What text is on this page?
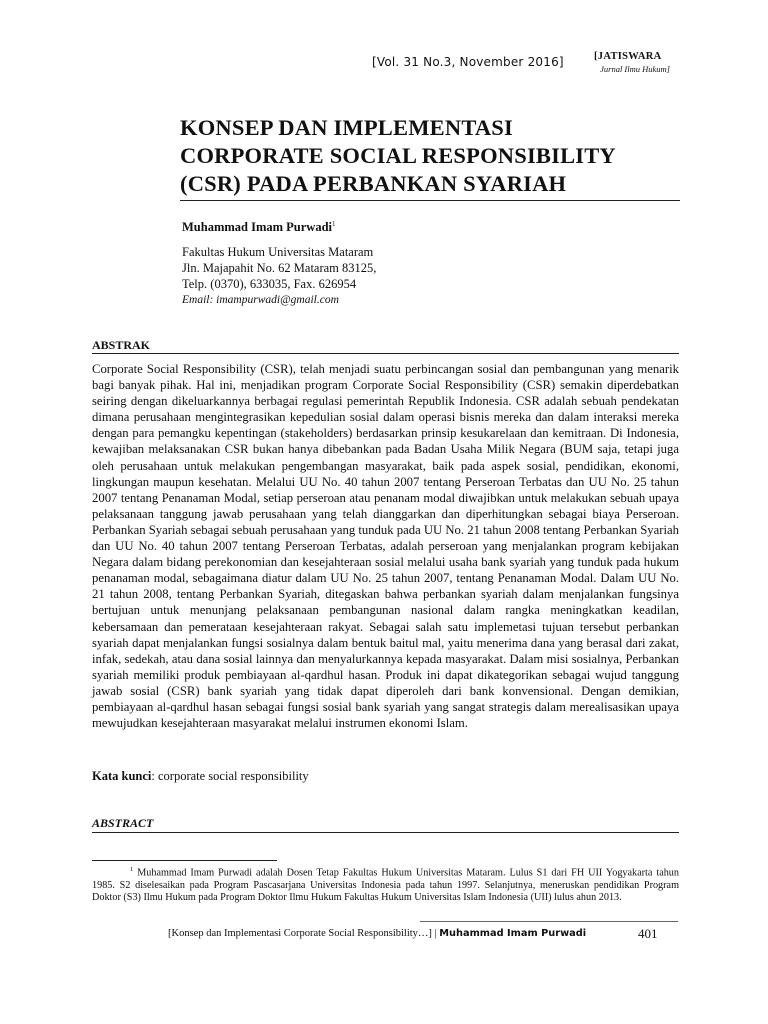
[Vol. 31 No.3, November 2016]	[JATISWARA
Jurnal Ilmu Hukum]
KONSEP DAN IMPLEMENTASI
CORPORATE SOCIAL RESPONSIBILITY
(CSR) PADA PERBANKAN SYARIAH
Muhammad Imam Purwadi$^1$
Fakultas Hukum Universitas Mataram
Jln. Majapahit No. 62 Mataram 83125,
Telp. (0370), 633035, Fax. 626954
Email: imampurwadi@gmail.com
ABSTRAK

Corporate Social Responsibility (CSR), telah menjadi suatu perbincangan sosial dan pembangunan yang menarik bagi banyak pihak. Hal ini, menjadikan program Corporate Social Responsibility (CSR) semakin diperdebatkan seiring dengan dikeluarkannya berbagai regulasi pemerintah Republik Indonesia. CSR adalah sebuah pendekatan dimana perusahaan mengintegrasikan kepedulian sosial dalam operasi bisnis mereka dan dalam interaksi mereka dengan para pemangku kepentingan (stakeholders) berdasarkan prinsip kesukarelaan dan kemitraan. Di Indonesia, kewajiban melaksanakan CSR bukan hanya dibebankan pada Badan Usaha Milik Negara (BUM saja, tetapi juga oleh perusahaan untuk melakukan pengembangan masyarakat, baik pada aspek sosial, pendidikan, ekonomi, lingkungan maupun kesehatan. Melalui UU No. 40 tahun 2007 tentang Perseroan Terbatas dan UU No. 25 tahun 2007 tentang Penanaman Modal, setiap perseroan atau penanam modal diwajibkan untuk melakukan sebuah upaya pelaksanaan tanggung jawab perusahaan yang telah dianggarkan dan diperhitungkan sebagai biaya Perseroan. Perbankan Syariah sebagai sebuah perusahaan yang tunduk pada UU No. 21 tahun 2008 tentang Perbankan Syariah dan UU No. 40 tahun 2007 tentang Perseroan Terbatas, adalah perseroan yang menjalankan program kebijakan Negara dalam bidang perekonomian dan kesejahteraan sosial melalui usaha bank syariah yang tunduk pada hukum penanaman modal, sebagaimana diatur dalam UU No. 25 tahun 2007, tentang Penanaman Modal. Dalam UU No. 21 tahun 2008, tentang Perbankan Syariah, ditegaskan bahwa perbankan syariah dalam menjalankan fungsinya bertujuan untuk menunjang pelaksanaan pembangunan nasional dalam rangka meningkatkan keadilan, kebersamaan dan pemerataan kesejahteraan rakyat. Sebagai salah satu implemetasi tujuan tersebut perbankan syariah dapat menjalankan fungsi sosialnya dalam bentuk baitul mal, yaitu menerima dana yang berasal dari zakat, infak, sedekah, atau dana sosial lainnya dan menyalurkannya kepada masyarakat. Dalam misi sosialnya, Perbankan syariah memiliki produk pembiayaan al-qardhul hasan. Produk ini dapat dikategorikan sebagai wujud tanggung jawab sosial (CSR) bank syariah yang tidak dapat diperoleh dari bank konvensional. Dengan demikian, pembiayaan al-qardhul hasan sebagai fungsi sosial bank syariah yang sangat strategis dalam merealisasikan upaya mewujudkan kesejahteraan masyarakat melalui instrumen ekonomi Islam.

Kata kunci: corporate social responsibility
ABSTRACT

$^1$ Muhammad Imam Purwadi adalah Dosen Tetap Fakultas Hukum Universitas Mataram. Lulus S1 dari FH UII Yogyakarta tahun 1985. S2 diselesaikan pada Program Pascasarjana Universitas Indonesia pada tahun 1997. Selanjutnya, meneruskan pendidikan Program Doktor (S3) Ilmu Hukum pada Program Doktor Ilmu Hukum Fakultas Hukum Universitas Islam Indonesia (UII) lulus ahun 2013.

[Konsep dan Implementasi Corporate Social Responsibility…] | Muhammad Imam Purwadi	401
